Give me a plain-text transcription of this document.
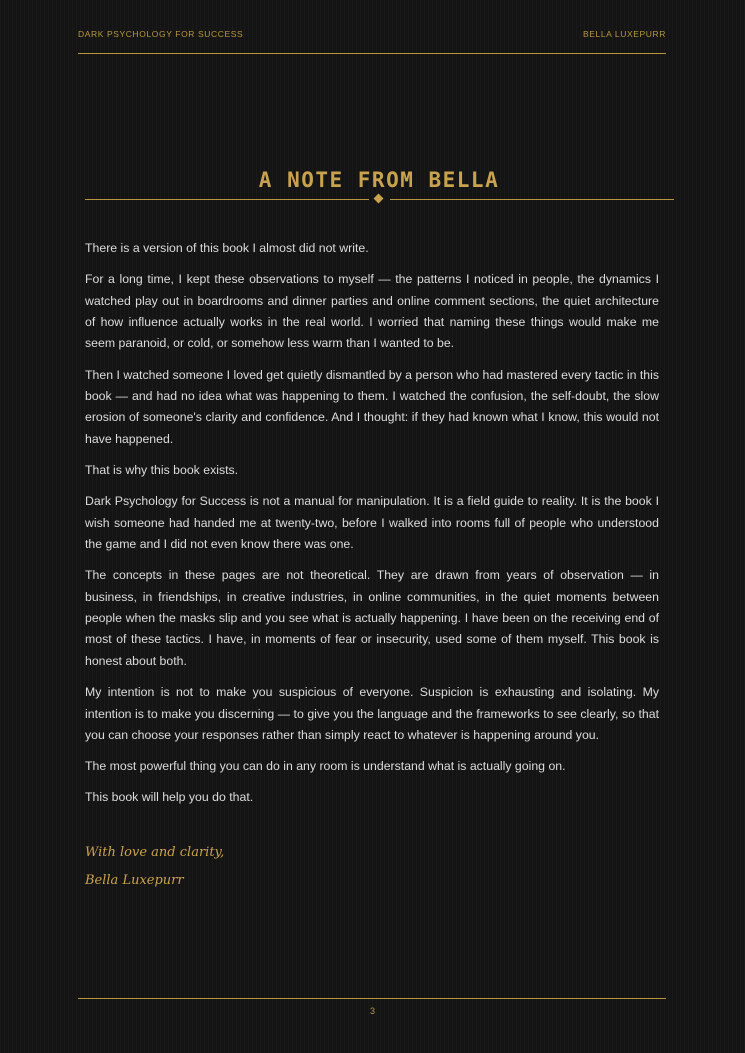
DARK PSYCHOLOGY FOR SUCCESS	BELLA LUXEPURR
A NOTE FROM BELLA

There is a version of this book I almost did not write.

For a long time, I kept these observations to myself — the patterns I noticed in people, the dynamics I watched play out in boardrooms and dinner parties and online comment sections, the quiet architecture of how influence actually works in the real world. I worried that naming these things would make me seem paranoid, or cold, or somehow less warm than I wanted to be.

Then I watched someone I loved get quietly dismantled by a person who had mastered every tactic in this book — and had no idea what was happening to them. I watched the confusion, the self-doubt, the slow erosion of someone's clarity and confidence. And I thought: if they had known what I know, this would not have happened.

That is why this book exists.

Dark Psychology for Success is not a manual for manipulation. It is a field guide to reality. It is the book I wish someone had handed me at twenty-two, before I walked into rooms full of people who understood the game and I did not even know there was one.

The concepts in these pages are not theoretical. They are drawn from years of observation — in business, in friendships, in creative industries, in online communities, in the quiet moments between people when the masks slip and you see what is actually happening. I have been on the receiving end of most of these tactics. I have, in moments of fear or insecurity, used some of them myself. This book is honest about both.

My intention is not to make you suspicious of everyone. Suspicion is exhausting and isolating. My intention is to make you discerning — to give you the language and the frameworks to see clearly, so that you can choose your responses rather than simply react to whatever is happening around you.

The most powerful thing you can do in any room is understand what is actually going on.

This book will help you do that.

With love and clarity,
Bella Luxepurr
3
